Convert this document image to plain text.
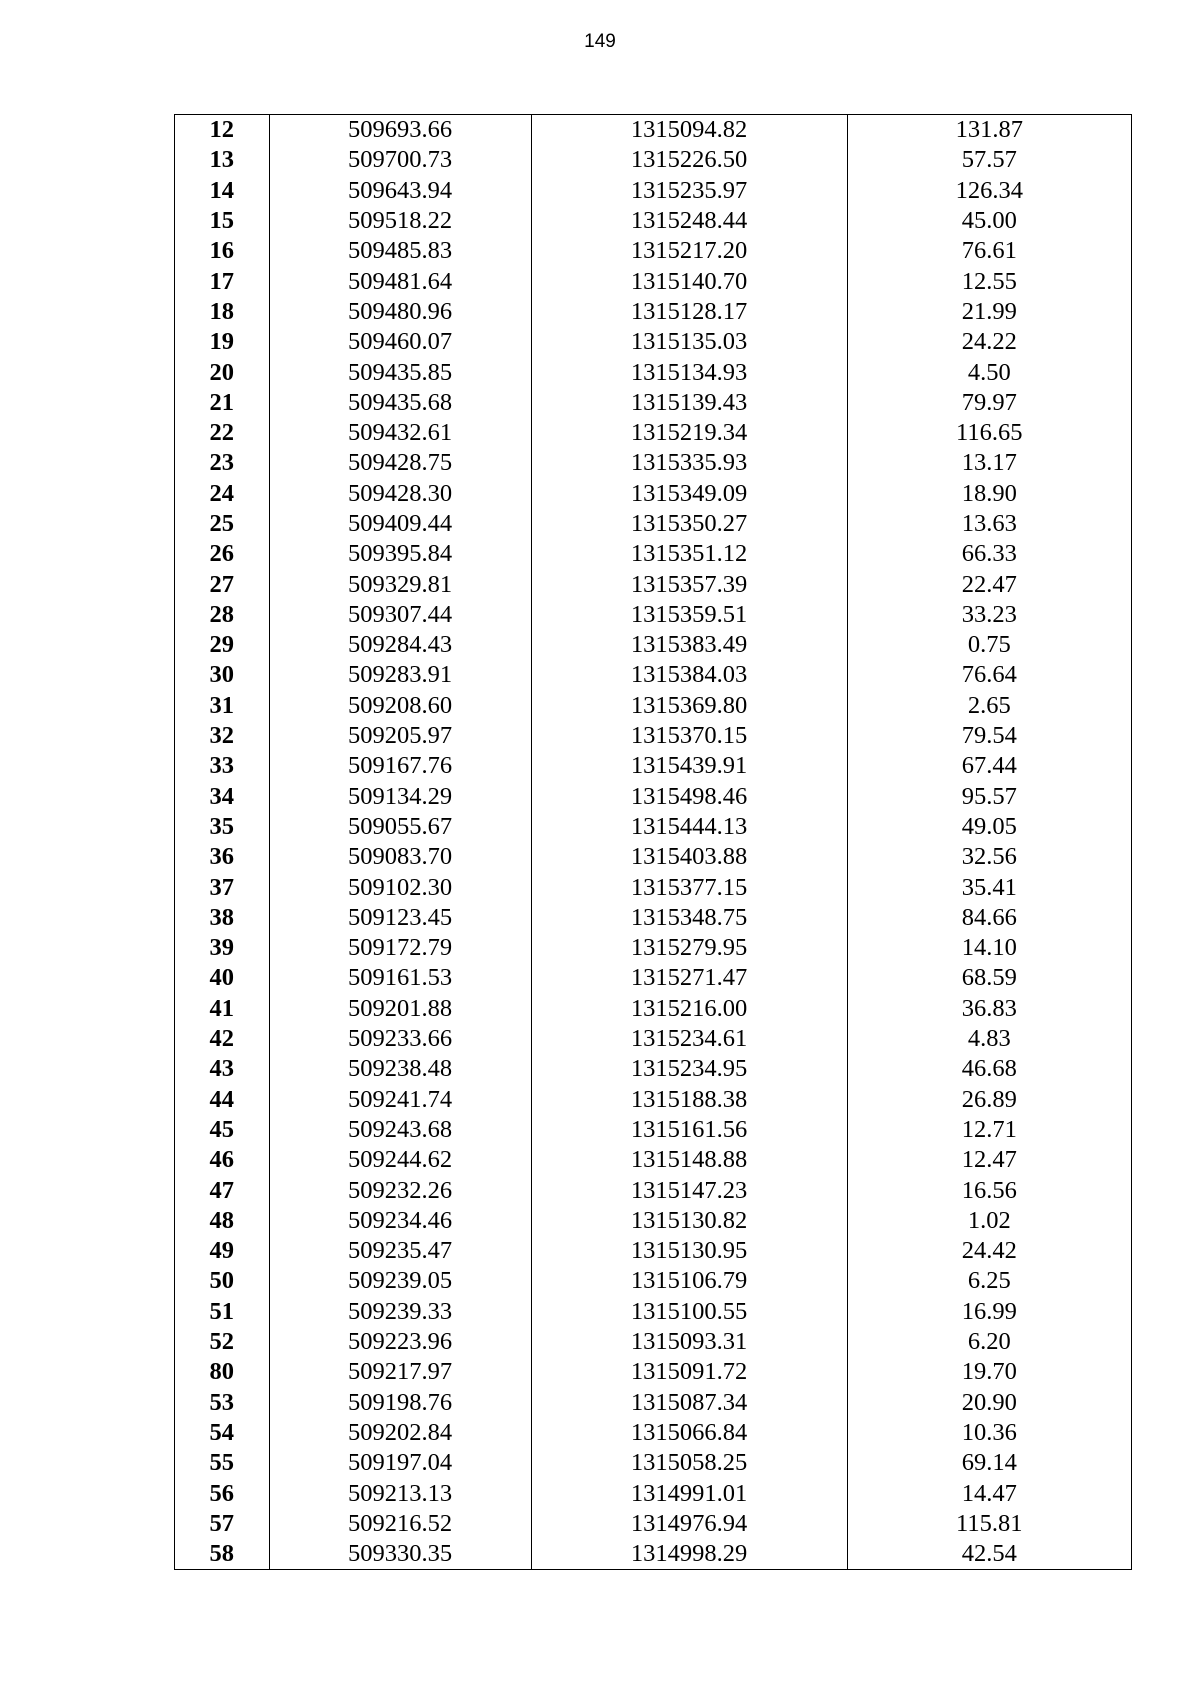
149
12	509693.66	1315094.82	131.87
13	509700.73	1315226.50	57.57
14	509643.94	1315235.97	126.34
15	509518.22	1315248.44	45.00
16	509485.83	1315217.20	76.61
17	509481.64	1315140.70	12.55
18	509480.96	1315128.17	21.99
19	509460.07	1315135.03	24.22
20	509435.85	1315134.93	4.50
21	509435.68	1315139.43	79.97
22	509432.61	1315219.34	116.65
23	509428.75	1315335.93	13.17
24	509428.30	1315349.09	18.90
25	509409.44	1315350.27	13.63
26	509395.84	1315351.12	66.33
27	509329.81	1315357.39	22.47
28	509307.44	1315359.51	33.23
29	509284.43	1315383.49	0.75
30	509283.91	1315384.03	76.64
31	509208.60	1315369.80	2.65
32	509205.97	1315370.15	79.54
33	509167.76	1315439.91	67.44
34	509134.29	1315498.46	95.57
35	509055.67	1315444.13	49.05
36	509083.70	1315403.88	32.56
37	509102.30	1315377.15	35.41
38	509123.45	1315348.75	84.66
39	509172.79	1315279.95	14.10
40	509161.53	1315271.47	68.59
41	509201.88	1315216.00	36.83
42	509233.66	1315234.61	4.83
43	509238.48	1315234.95	46.68
44	509241.74	1315188.38	26.89
45	509243.68	1315161.56	12.71
46	509244.62	1315148.88	12.47
47	509232.26	1315147.23	16.56
48	509234.46	1315130.82	1.02
49	509235.47	1315130.95	24.42
50	509239.05	1315106.79	6.25
51	509239.33	1315100.55	16.99
52	509223.96	1315093.31	6.20
80	509217.97	1315091.72	19.70
53	509198.76	1315087.34	20.90
54	509202.84	1315066.84	10.36
55	509197.04	1315058.25	69.14
56	509213.13	1314991.01	14.47
57	509216.52	1314976.94	115.81
58	509330.35	1314998.29	42.54
